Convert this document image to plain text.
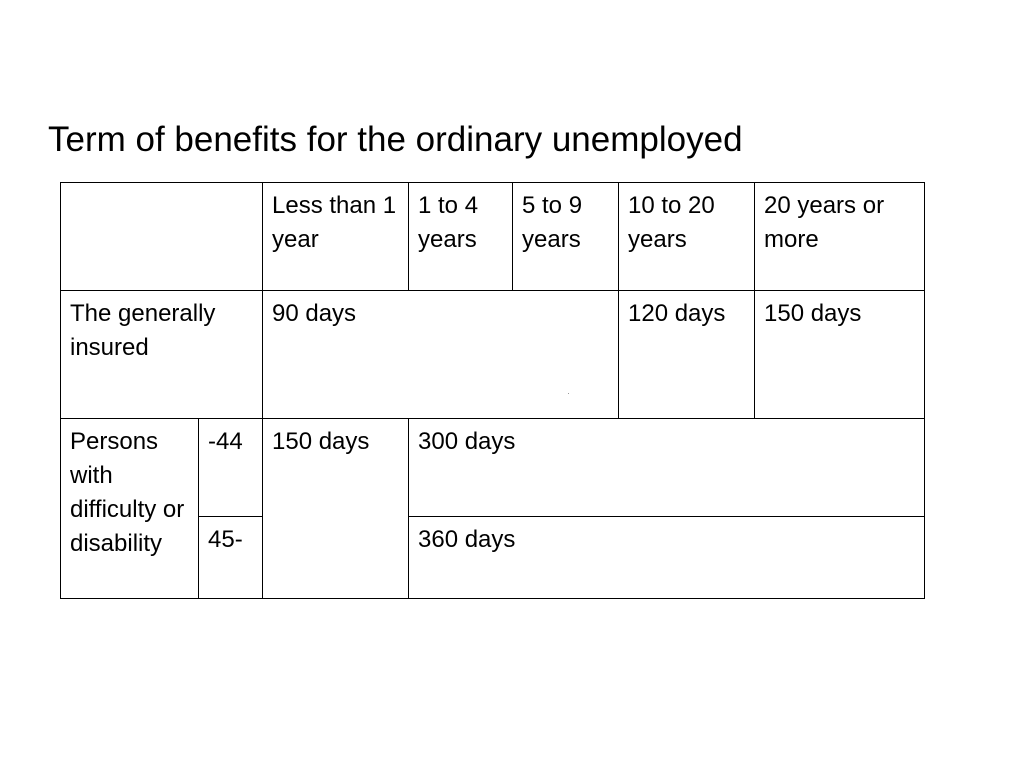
Term of benefits for the ordinary unemployed
		Less than 1 year	1 to 4 years	5 to 9 years	10 to 20 years	20 years or more
The generally insured		90 days			120 days	150 days
Persons with difficulty or disability	-44	150 days	300 days			
	45-		360 days			
